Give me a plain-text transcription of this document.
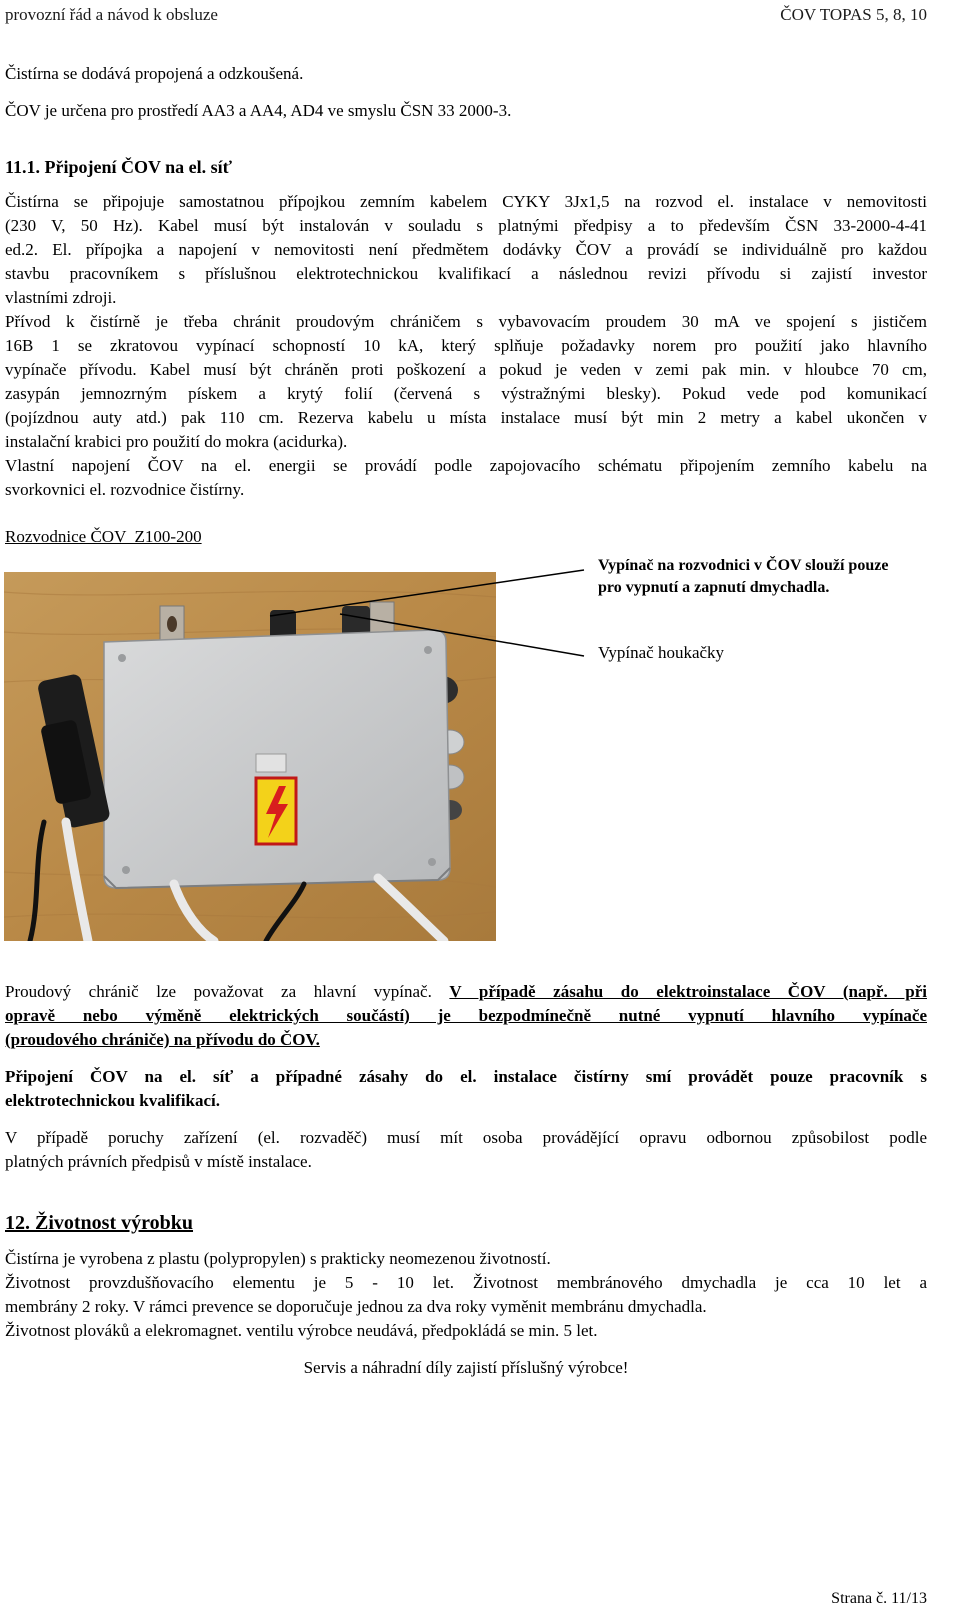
provozní řád a návod k obsluze	ČOV TOPAS 5, 8, 10
Čistírna se dodává propojená a odzkoušená.
ČOV je určena pro prostředí AA3 a AA4, AD4 ve smyslu ČSN 33 2000-3.
11.1. Připojení ČOV na el. síť
Čistírna se připojuje samostatnou přípojkou zemním kabelem CYKY 3Jx1,5 na rozvod el. instalace v nemovitosti
(230 V, 50 Hz). Kabel musí být instalován v souladu s platnými předpisy a to především ČSN 33-2000-4-41
ed.2. El. přípojka a napojení v nemovitosti není předmětem dodávky ČOV a provádí se individuálně pro každou
stavbu pracovníkem s příslušnou elektrotechnickou kvalifikací a následnou revizi přívodu si zajistí investor
vlastními zdroji.
Přívod k čistírně je třeba chránit proudovým chráničem s vybavovacím proudem 30 mA ve spojení s jističem
16B 1 se zkratovou vypínací schopností 10 kA, který splňuje požadavky norem pro použití jako hlavního
vypínače přívodu. Kabel musí být chráněn proti poškození a pokud je veden v zemi pak min. v hloubce 70 cm,
zasypán jemnozrným pískem a krytý folií (červená s výstražnými blesky). Pokud vede pod komunikací
(pojízdnou auty atd.) pak 110 cm. Rezerva kabelu u místa instalace musí být min 2 metry a kabel ukončen v
instalační krabici pro použití do mokra (acidurka).
Vlastní napojení ČOV na el. energii se provádí podle zapojovacího schématu připojením zemního kabelu na
svorkovnici el. rozvodnice čistírny.
Rozvodnice ČOV  Z100-200
Vypínač na rozvodnici v ČOV slouží pouze
pro vypnutí a zapnutí dmychadla.
Vypínač houkačky
Proudový chránič lze považovat za hlavní vypínač. V případě zásahu do elektroinstalace ČOV (např. při
opravě nebo výměně elektrických součástí) je bezpodmínečně nutné vypnutí hlavního vypínače
(proudového chrániče) na přívodu do ČOV.
Připojení ČOV na el. síť a případné zásahy do el. instalace čistírny smí provádět pouze pracovník s
elektrotechnickou kvalifikací.
V případě poruchy zařízení (el. rozvaděč) musí mít osoba provádějící opravu odbornou způsobilost podle
platných právních předpisů v místě instalace.
12. Životnost výrobku
Čistírna je vyrobena z plastu (polypropylen) s prakticky neomezenou životností.
Životnost provzdušňovacího elementu je 5 - 10 let. Životnost membránového dmychadla je cca 10 let a
membrány 2 roky. V rámci prevence se doporučuje jednou za dva roky vyměnit membránu dmychadla.
Životnost plováků a elekromagnet. ventilu výrobce neudává, předpokládá se min. 5 let.
Servis a náhradní díly zajistí příslušný výrobce!
Strana č. 11/13
